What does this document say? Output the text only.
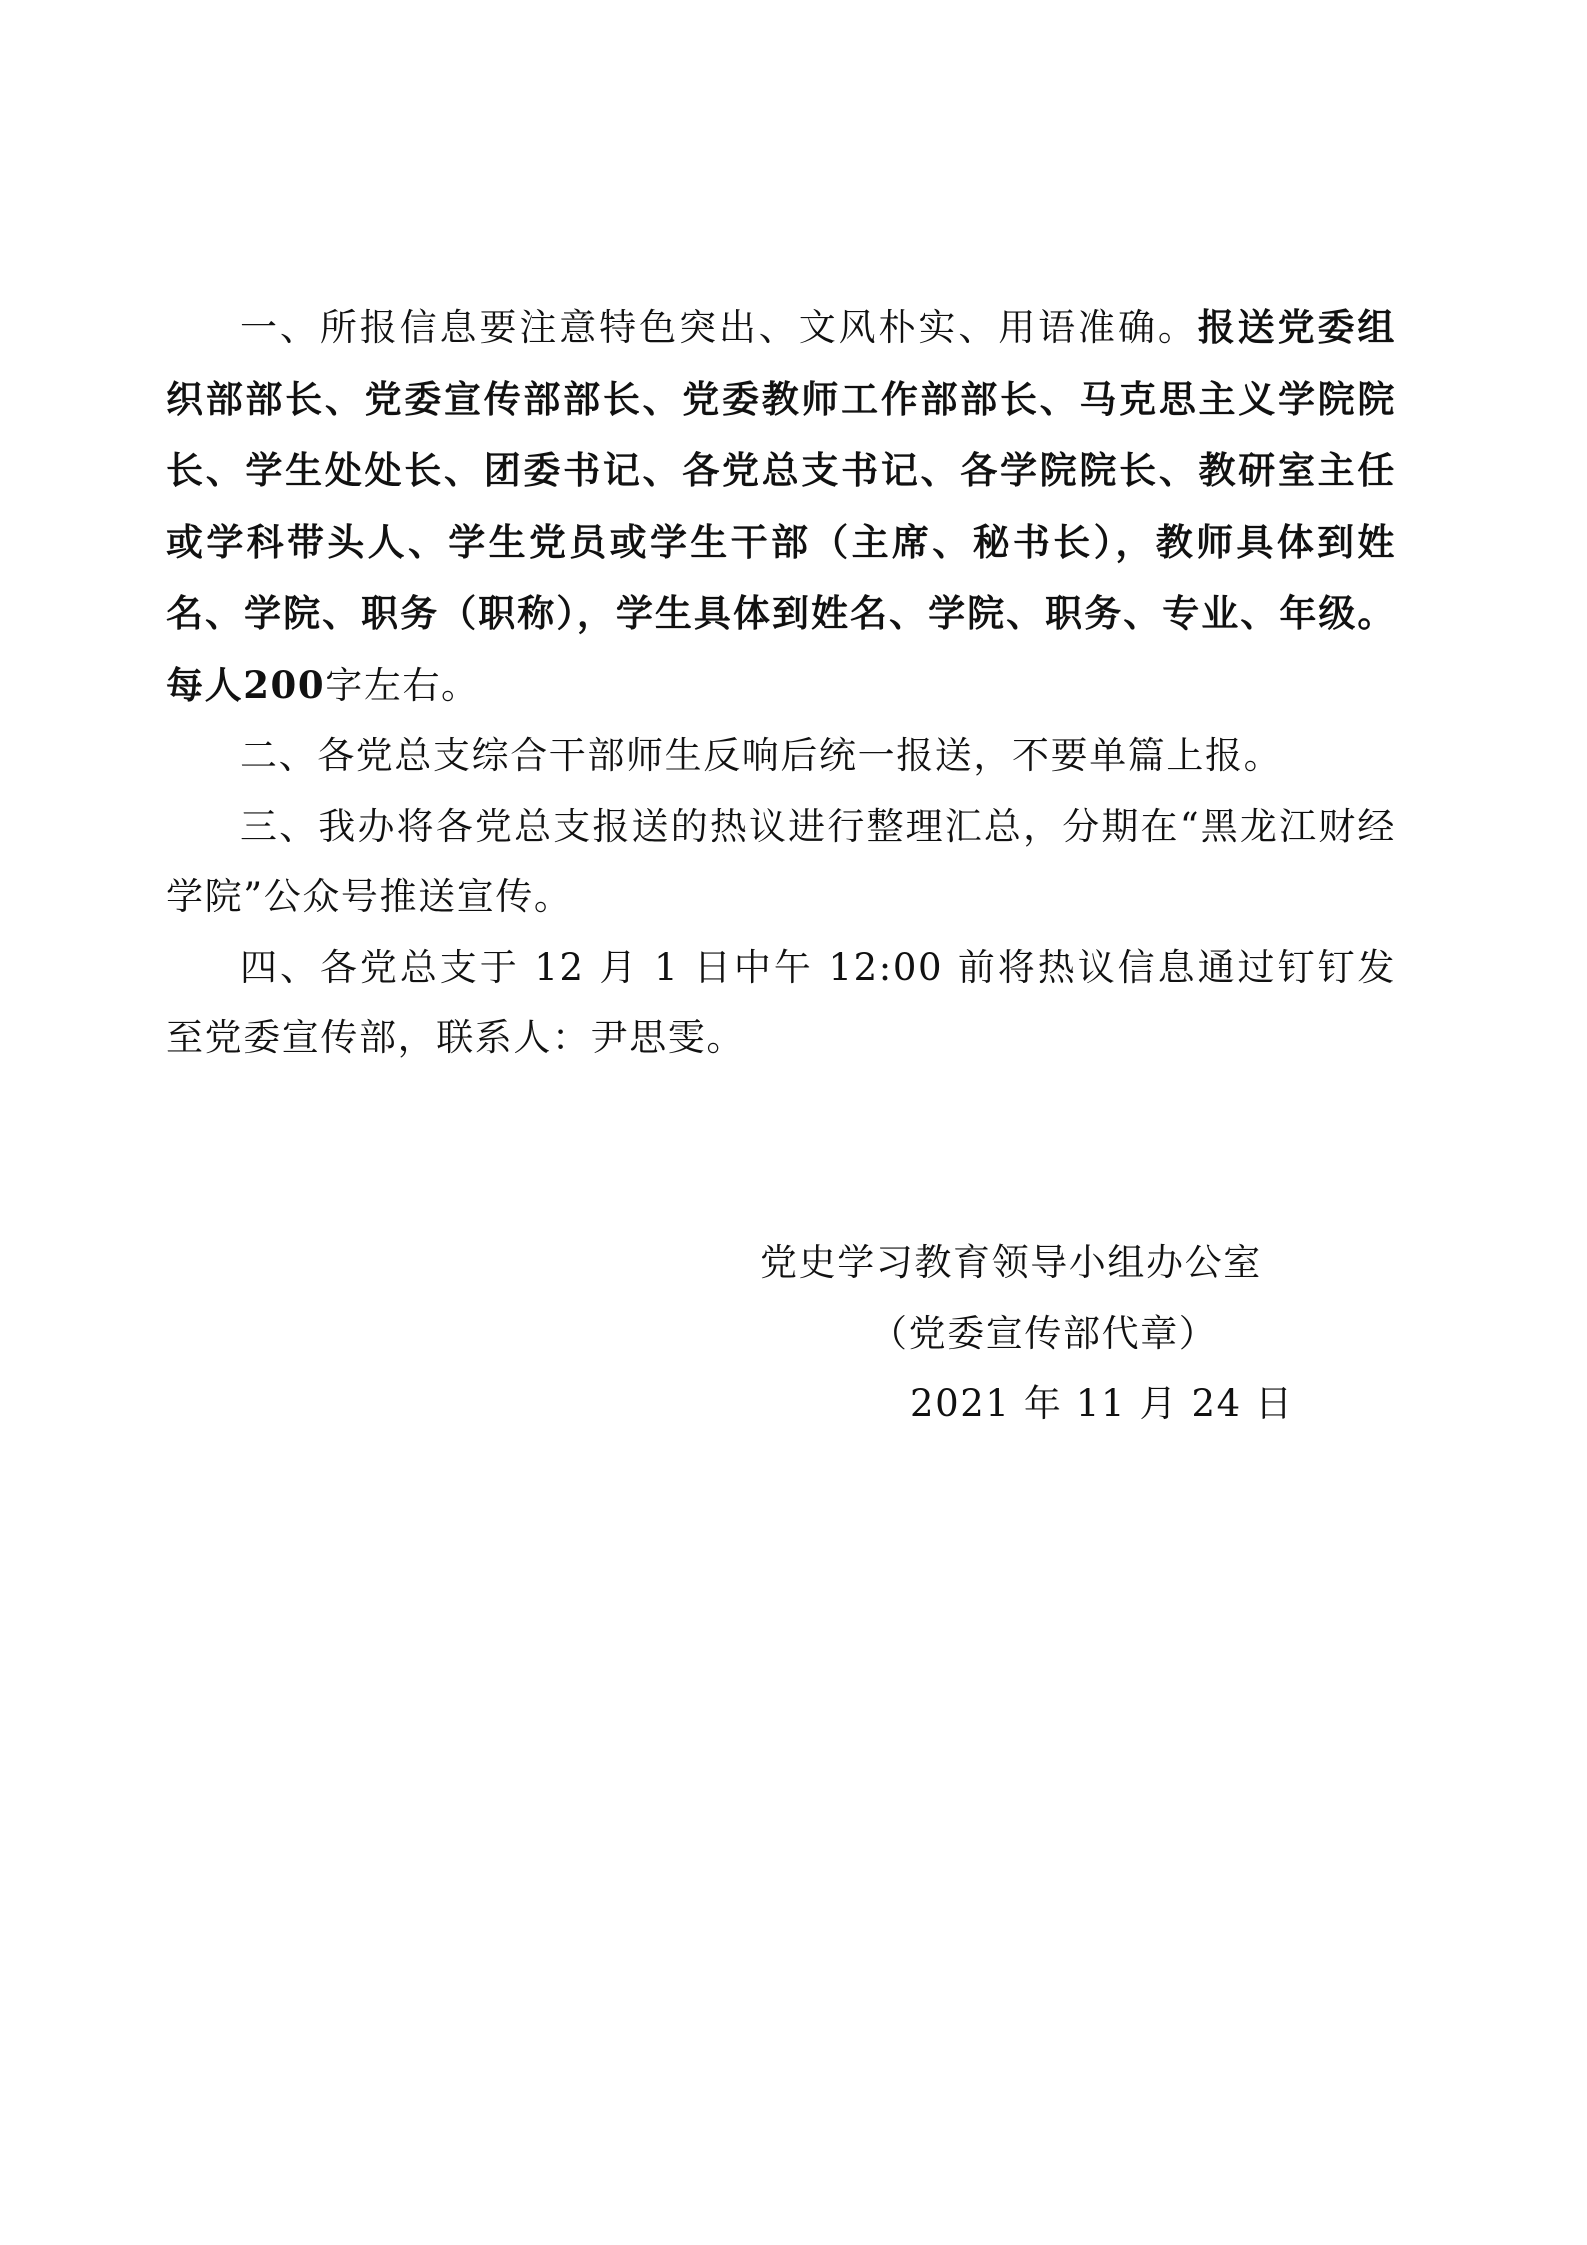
一、所报信息要注意特色突出、文风朴实、用语准确。报送党委组织部部长、党委宣传部部长、党委教师工作部部长、马克思主义学院院长、学生处处长、团委书记、各党总支书记、各学院院长、教研室主任或学科带头人、学生党员或学生干部（主席、秘书长），教师具体到姓名、学院、职务（职称），学生具体到姓名、学院、职务、专业、年级。每人200字左右。

二、各党总支综合干部师生反响后统一报送，不要单篇上报。

三、我办将各党总支报送的热议进行整理汇总，分期在“黑龙江财经学院”公众号推送宣传。

四、各党总支于 12 月 1 日中午 12:00 前将热议信息通过钉钉发至党委宣传部，联系人：尹思雯。

党史学习教育领导小组办公室
（党委宣传部代章）
2021 年 11 月 24 日
